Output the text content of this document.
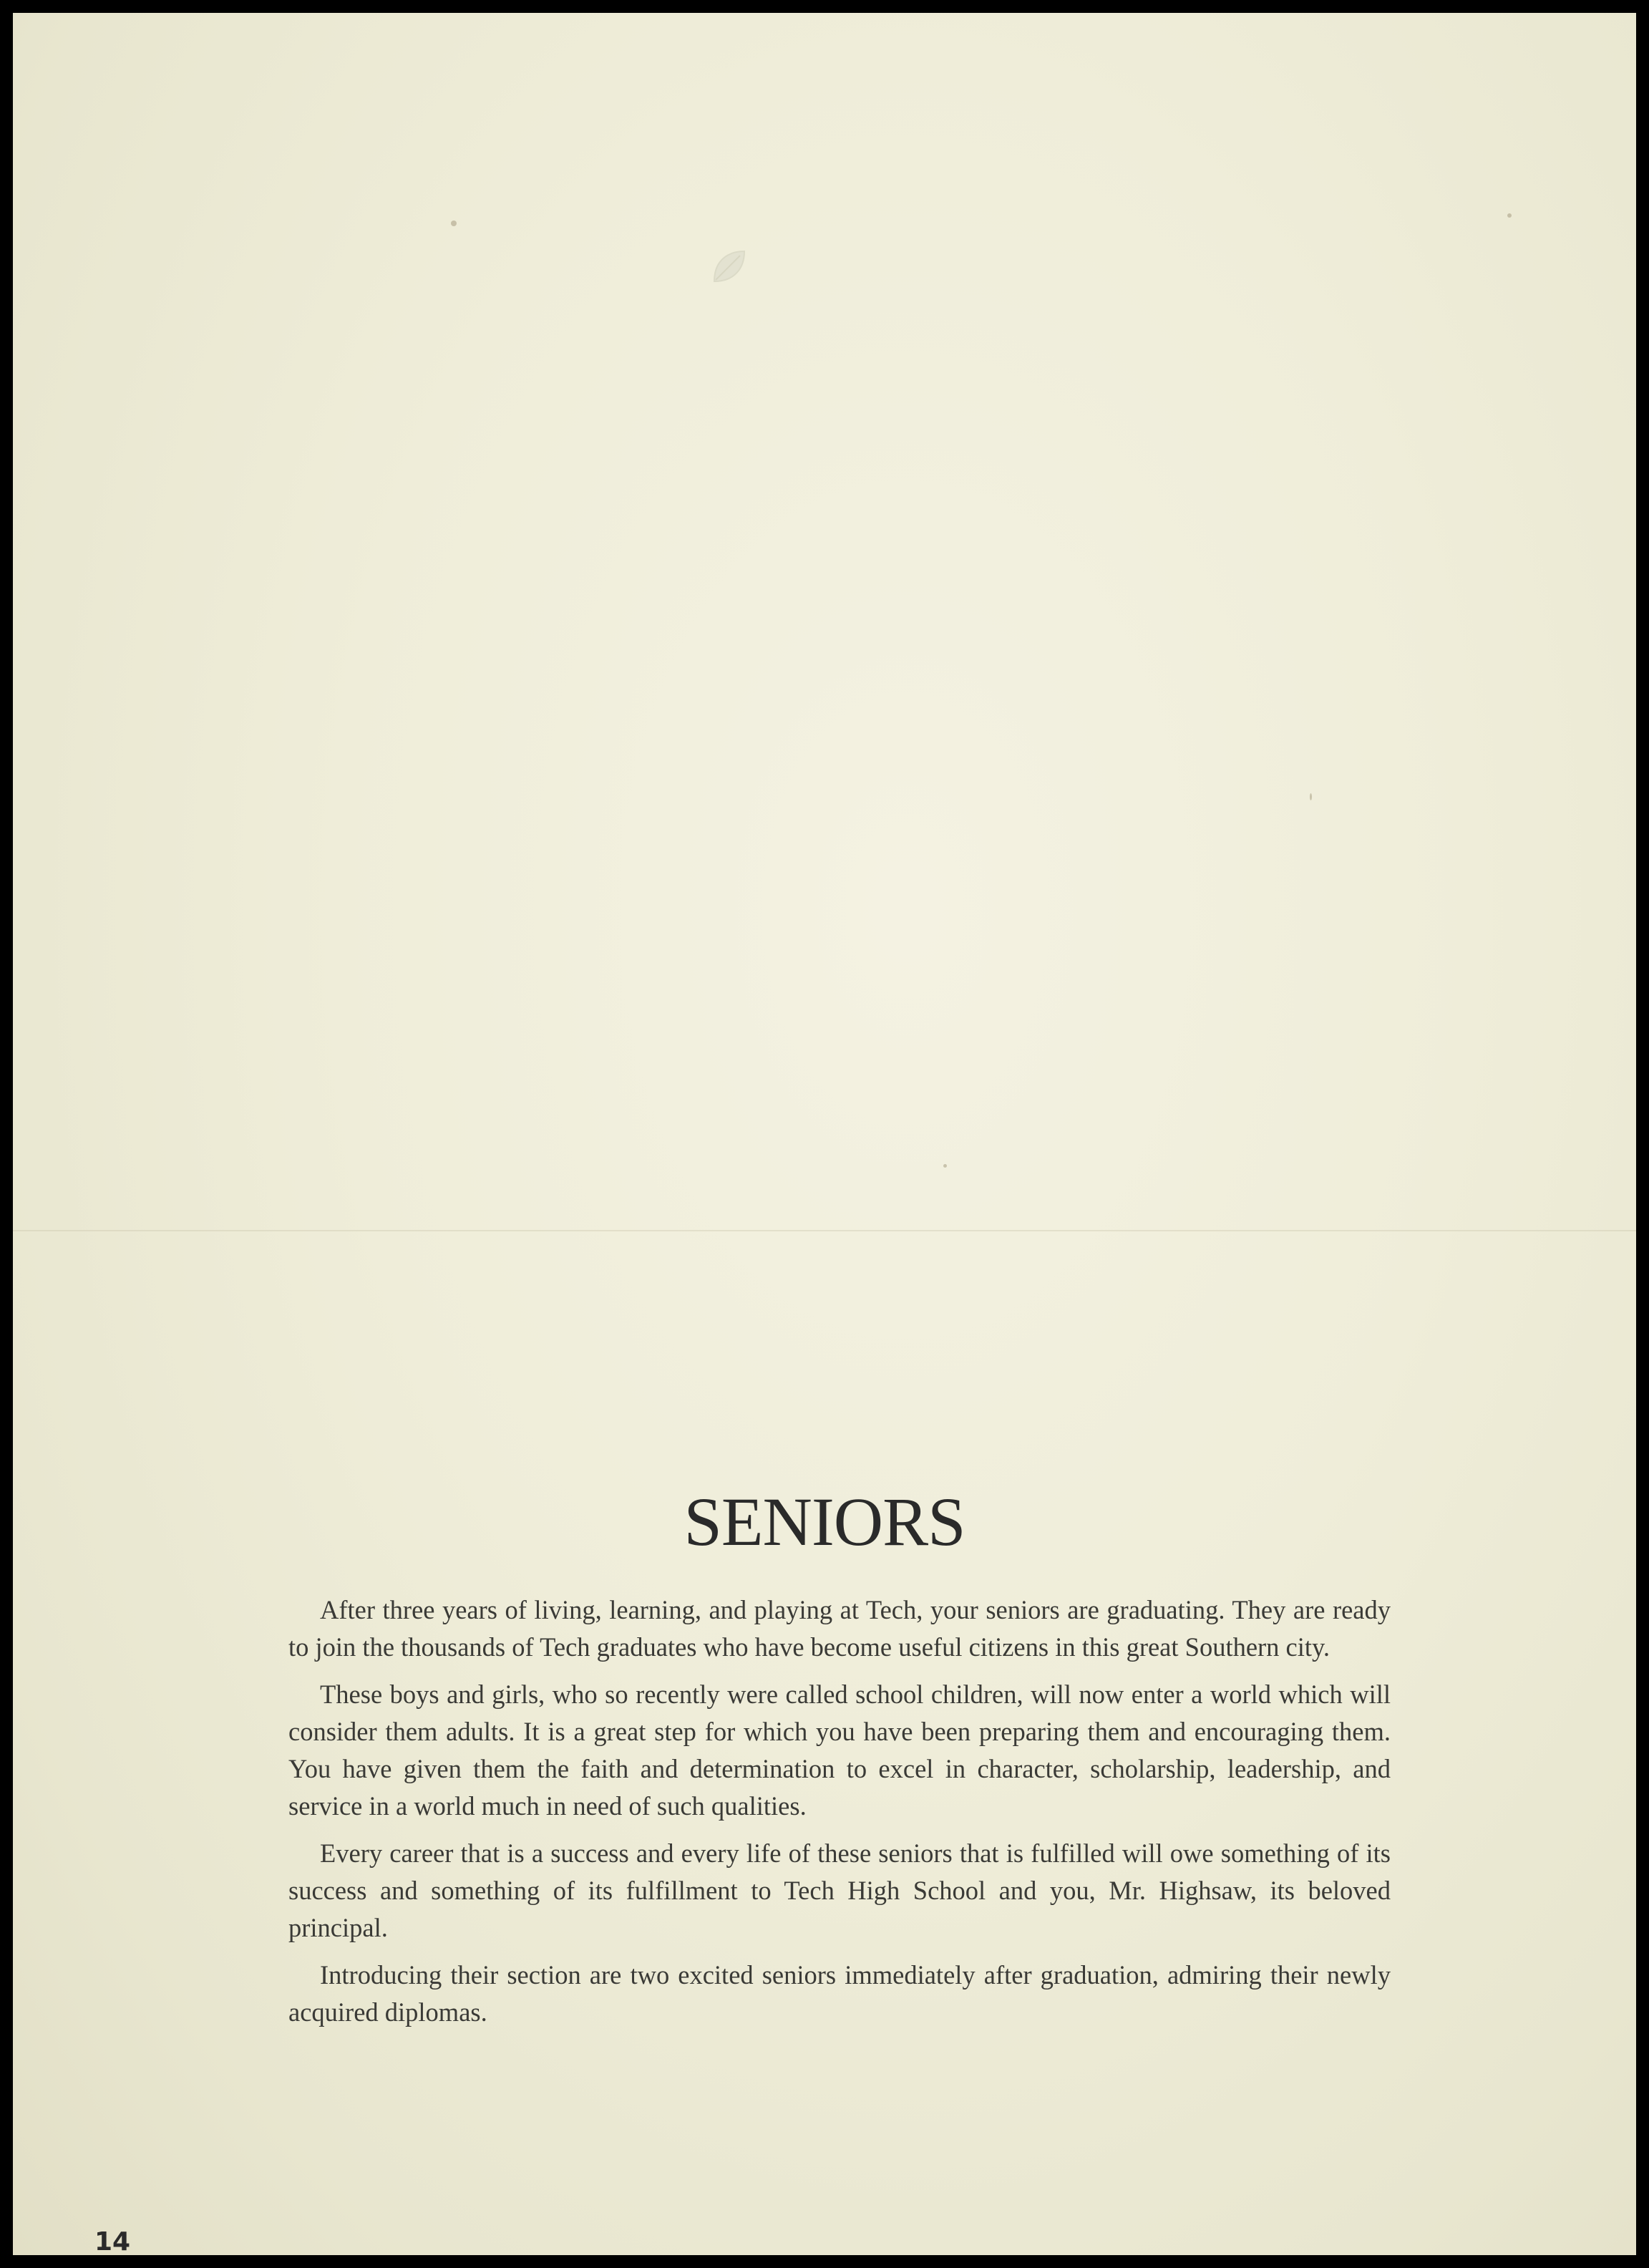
SENIORS

After three years of living, learning, and playing at Tech, your seniors are graduating. They are ready to join the thousands of Tech graduates who have become useful citizens in this great Southern city.

These boys and girls, who so recently were called school children, will now enter a world which will consider them adults. It is a great step for which you have been preparing them and encouraging them. You have given them the faith and determination to excel in character, scholarship, leadership, and service in a world much in need of such qualities.

Every career that is a success and every life of these seniors that is fulfilled will owe something of its success and something of its fulfillment to Tech High School and you, Mr. Highsaw, its beloved principal.

Introducing their section are two excited seniors immediately after graduation, admiring their newly acquired diplomas.

14
